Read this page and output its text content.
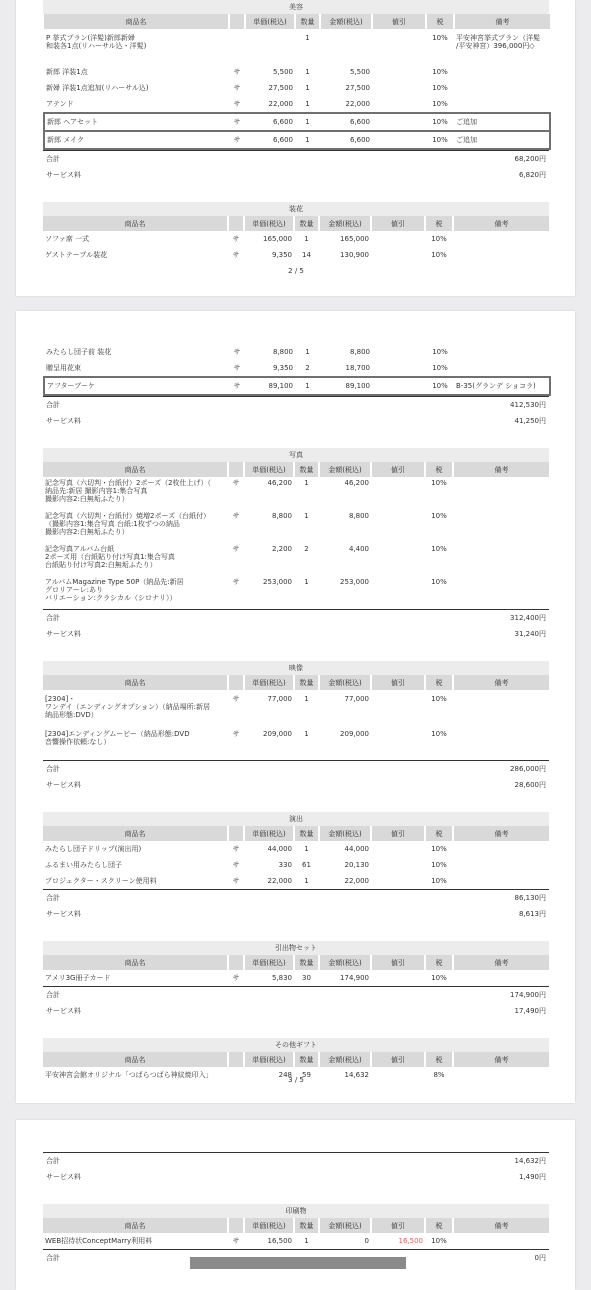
美容
商品名		単価(税込)	数量	金額(税込)	値引	税	備考
P 挙式プラン(洋髪)新郎新婦
和装各1点(リハーサル込・洋髪)			1			10%	平安神宮挙式プラン（洋髪
/平安神宮）396,000円◇
新郎 洋装1点	サ	5,500	1	5,500		10%	
新婦 洋装1点追加(リハーサル込)	サ	27,500	1	27,500		10%	
アテンド	サ	22,000	1	22,000		10%	
新郎 ヘアセット	サ	6,600	1	6,600		10%	ご追加
新郎 メイク	サ	6,600	1	6,600		10%	ご追加
合計	68,200円
サービス料	6,820円
装花
商品名		単価(税込)	数量	金額(税込)	値引	税	備考
ソファ席 一式	サ	165,000	1	165,000		10%	
ゲストテーブル装花	サ	9,350	14	130,900		10%	
2 / 5
みたらし団子前 装花	サ	8,800	1	8,800		10%	
贈呈用花束	サ	9,350	2	18,700		10%	
アフターブーケ	サ	89,100	1	89,100		10%	B-35(グランデ ショコラ)
合計	412,530円
サービス料	41,250円
写真
商品名		単価(税込)	数量	金額(税込)	値引	税	備考
記念写真（六切判・台紙付）2ポーズ（2枚仕上げ）（
納品先:新居 撮影内容1:集合写真
撮影内容2:白無垢ふたり）	サ	46,200	1	46,200		10%	
記念写真（六切判・台紙付）焼増2ポーズ（台紙付）
（撮影内容1:集合写真 台紙:1枚ずつの納品
撮影内容2:白無垢ふたり）	サ	8,800	1	8,800		10%	
記念写真アルバム台紙
2ポーズ用（台紙貼り付け写真1:集合写真
台紙貼り付け写真2:白無垢ふたり）	サ	2,200	2	4,400		10%	
アルバムMagazine Type 50P（納品先:新居
グロリアーレ:あり
バリエーション:クラシカル（シロナリ））	サ	253,000	1	253,000		10%	
合計	312,400円
サービス料	31,240円
映像
商品名		単価(税込)	数量	金額(税込)	値引	税	備考
[2304]・
ワンデイ（エンディングオプション）（納品場所:新居
納品形態:DVD）	サ	77,000	1	77,000		10%	
[2304]エンディングムービー（納品形態:DVD
音響操作依頼:なし）	サ	209,000	1	209,000		10%	
合計	286,000円
サービス料	28,600円
演出
商品名		単価(税込)	数量	金額(税込)	値引	税	備考
みたらし団子ドリップ(演出用)	サ	44,000	1	44,000		10%	
ふるまい用みたらし団子	サ	330	61	20,130		10%	
プロジェクター・スクリーン使用料	サ	22,000	1	22,000		10%	
合計	86,130円
サービス料	8,613円
引出物セット
商品名		単価(税込)	数量	金額(税込)	値引	税	備考
アメリ3G冊子カード	サ	5,830	30	174,900		10%	
合計	174,900円
サービス料	17,490円
その他ギフト
商品名		単価(税込)	数量	金額(税込)	値引	税	備考
平安神宮会館オリジナル「つばらつばら神紋焼印入」		248	59	14,632		8%	
3 / 5
合計	14,632円
サービス料	1,490円
印刷物
商品名		単価(税込)	数量	金額(税込)	値引	税	備考
WEB招待状ConceptMarry利用料	サ	16,500	1	0	16,500	10%	
合計	0円
